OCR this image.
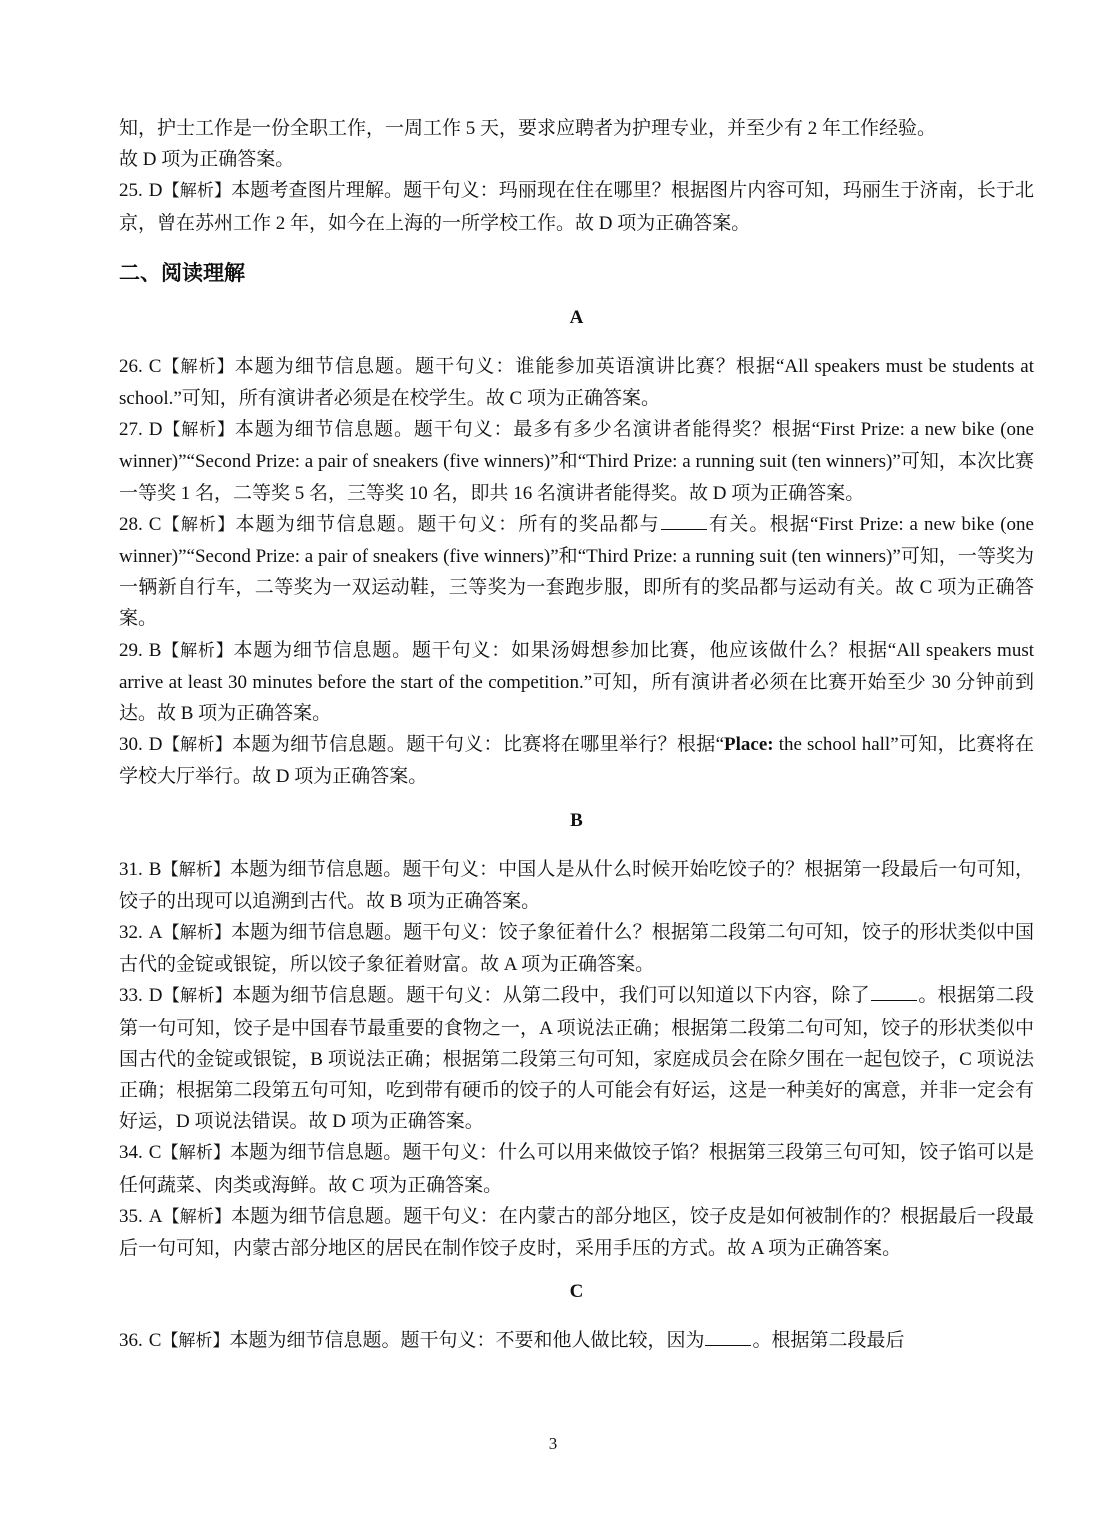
知，护士工作是一份全职工作，一周工作 5 天，要求应聘者为护理专业，并至少有 2 年工作经验。
故 D 项为正确答案。

25. D【解析】本题考查图片理解。题干句义：玛丽现在住在哪里？根据图片内容可知，玛丽生于济南，长于北京，曾在苏州工作 2 年，如今在上海的一所学校工作。故 D 项为正确答案。

二、阅读理解
A

26. C【解析】本题为细节信息题。题干句义：谁能参加英语演讲比赛？根据“All speakers must be students at school.”可知，所有演讲者必须是在校学生。故 C 项为正确答案。

27. D【解析】本题为细节信息题。题干句义：最多有多少名演讲者能得奖？根据“First Prize: a new bike (one winner)”“Second Prize: a pair of sneakers (five winners)”和“Third Prize: a running suit (ten winners)”可知，本次比赛一等奖 1 名，二等奖 5 名，三等奖 10 名，即共 16 名演讲者能得奖。故 D 项为正确答案。

28. C【解析】本题为细节信息题。题干句义：所有的奖品都与	有关。根据“First Prize: a new bike (one winner)”“Second Prize: a pair of sneakers (five winners)”和“Third Prize: a running suit (ten winners)”可知，一等奖为一辆新自行车，二等奖为一双运动鞋，三等奖为一套跑步服，即所有的奖品都与运动有关。故 C 项为正确答案。

29. B【解析】本题为细节信息题。题干句义：如果汤姆想参加比赛，他应该做什么？根据“All speakers must arrive at least 30 minutes before the start of the competition.”可知，所有演讲者必须在比赛开始至少 30 分钟前到达。故 B 项为正确答案。

30. D【解析】本题为细节信息题。题干句义：比赛将在哪里举行？根据“Place: the school hall”可知，比赛将在学校大厅举行。故 D 项为正确答案。

B

31. B【解析】本题为细节信息题。题干句义：中国人是从什么时候开始吃饺子的？根据第一段最后一句可知，饺子的出现可以追溯到古代。故 B 项为正确答案。

32. A【解析】本题为细节信息题。题干句义：饺子象征着什么？根据第二段第二句可知，饺子的形状类似中国古代的金锭或银锭，所以饺子象征着财富。故 A 项为正确答案。

33. D【解析】本题为细节信息题。题干句义：从第二段中，我们可以知道以下内容，除了	。根据第二段第一句可知，饺子是中国春节最重要的食物之一，A 项说法正确；根据第二段第二句可知，饺子的形状类似中国古代的金锭或银锭，B 项说法正确；根据第二段第三句可知，家庭成员会在除夕围在一起包饺子，C 项说法正确；根据第二段第五句可知，吃到带有硬币的饺子的人可能会有好运，这是一种美好的寓意，并非一定会有好运，D 项说法错误。故 D 项为正确答案。

34. C【解析】本题为细节信息题。题干句义：什么可以用来做饺子馅？根据第三段第三句可知，饺子馅可以是任何蔬菜、肉类或海鲜。故 C 项为正确答案。

35. A【解析】本题为细节信息题。题干句义：在内蒙古的部分地区，饺子皮是如何被制作的？根据最后一段最后一句可知，内蒙古部分地区的居民在制作饺子皮时，采用手压的方式。故 A 项为正确答案。

C

36. C【解析】本题为细节信息题。题干句义：不要和他人做比较，因为	。根据第二段最后

3
